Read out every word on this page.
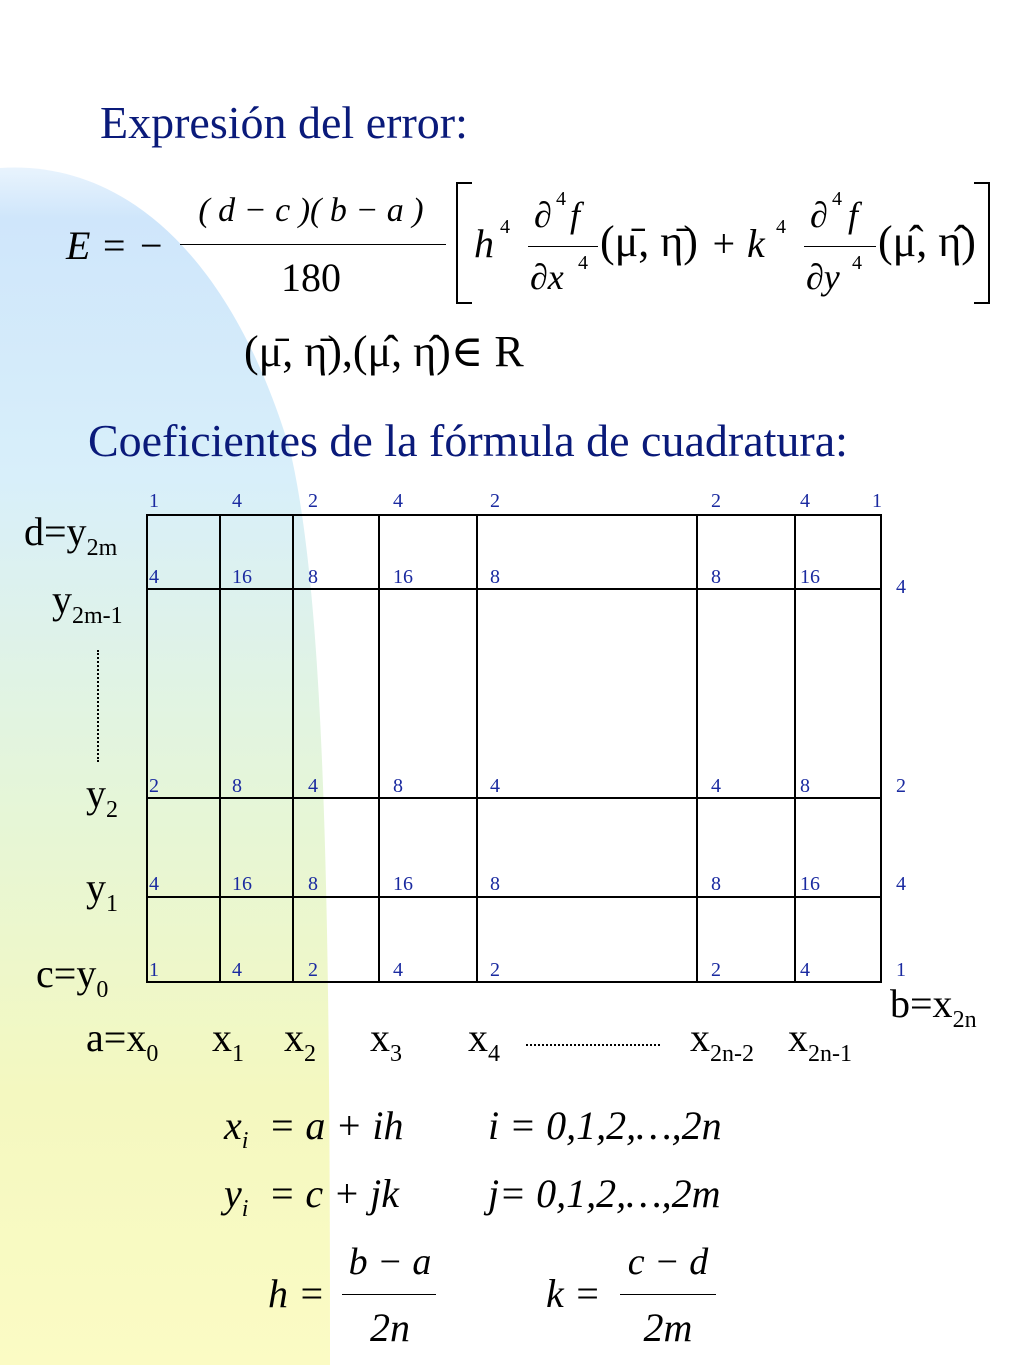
Expresión del error:
E = −
( d − c )( b − a )
180
h 4 ∂ 4 f
∂x 4 (μ̄, η̄) + k 4 ∂ 4 f
∂y 4 (μ̂, η̂)
(μ̄, η̄),(μ̂, η̂)∈ R
Coeficientes de la fórmula de cuadratura:
$d=y_{2m}$
$y_{2m-1}$
$y_2$
$y_1$
$c=y_0$
$a=x_0$ $x_1$ $x_2$ $x_3$ $x_4$	$x_{2n-2}$ $x_{2n-1}$
$b=x_{2n}$
1	4	2	4	2	2	4	1
4	16	8	16	8	8	16	4
2	8	4	8	4	4	8	2
4	16	8	16	8	8	16	4
1	4	2	4	2	2	4	1
$x_i = a$ + ih i = 0,1,2,…,2n
$y_i = c$ + jk j= 0,1,2,…,2m
h =
b − a
2n
k =
c − d
2m
